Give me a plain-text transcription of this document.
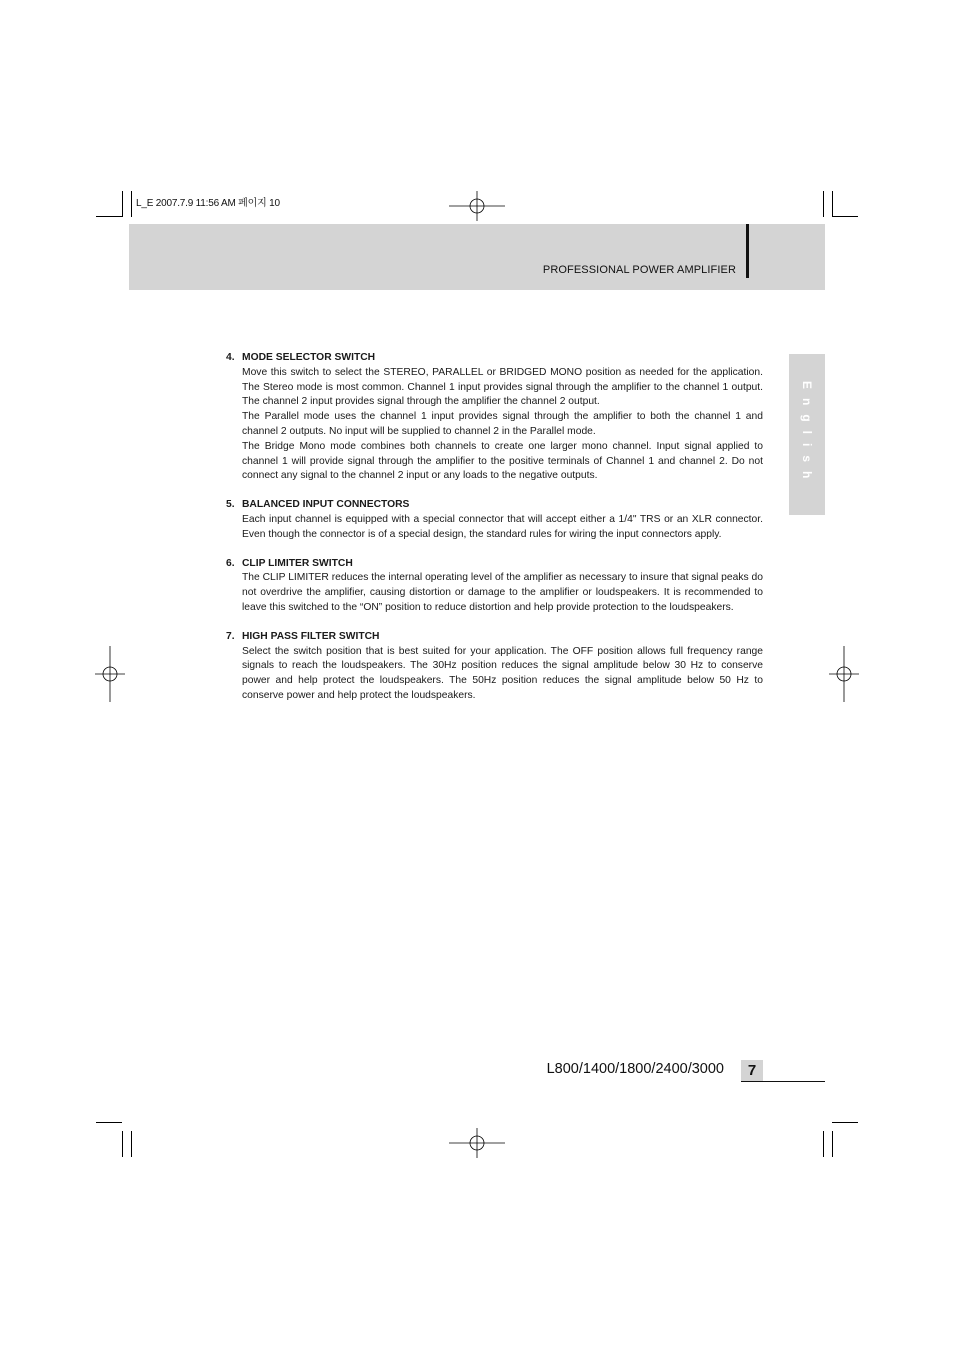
L_E 2007.7.9 11:56 AM 페이지 10
PROFESSIONAL POWER AMPLIFIER
English
4. MODE SELECTOR SWITCH

Move this switch to select the STEREO, PARALLEL or BRIDGED MONO position as needed for the application. The Stereo mode is most common. Channel 1 input provides signal through the amplifier to the channel 1 output. The channel 2 input provides signal through the amplifier the channel 2 output.

The Parallel mode uses the channel 1 input provides signal through the amplifier to both the channel 1 and channel 2 outputs. No input will be supplied to channel 2 in the Parallel mode.

The Bridge Mono mode combines both channels to create one larger mono channel. Input signal applied to channel 1 will provide signal through the amplifier to the positive terminals of Channel 1 and channel 2. Do not connect any signal to the channel 2 input or any loads to the negative outputs.

5. BALANCED INPUT CONNECTORS

Each input channel is equipped with a special connector that will accept either a 1/4" TRS or an XLR connector. Even though the connector is of a special design, the standard rules for wiring the input connectors apply.

6. CLIP LIMITER SWITCH

The CLIP LIMITER reduces the internal operating level of the amplifier as necessary to insure that signal peaks do not overdrive the amplifier, causing distortion or damage to the amplifier or loudspeakers. It is recommended to leave this switched to the “ON” position to reduce distortion and help provide protection to the loudspeakers.

7. HIGH PASS FILTER SWITCH

Select the switch position that is best suited for your application. The OFF position allows full frequency range signals to reach the loudspeakers. The 30Hz position reduces the signal amplitude below 30 Hz to conserve power and help protect the loudspeakers. The 50Hz position reduces the signal amplitude below 50 Hz to conserve power and help protect the loudspeakers.

L800/1400/1800/2400/3000	7
